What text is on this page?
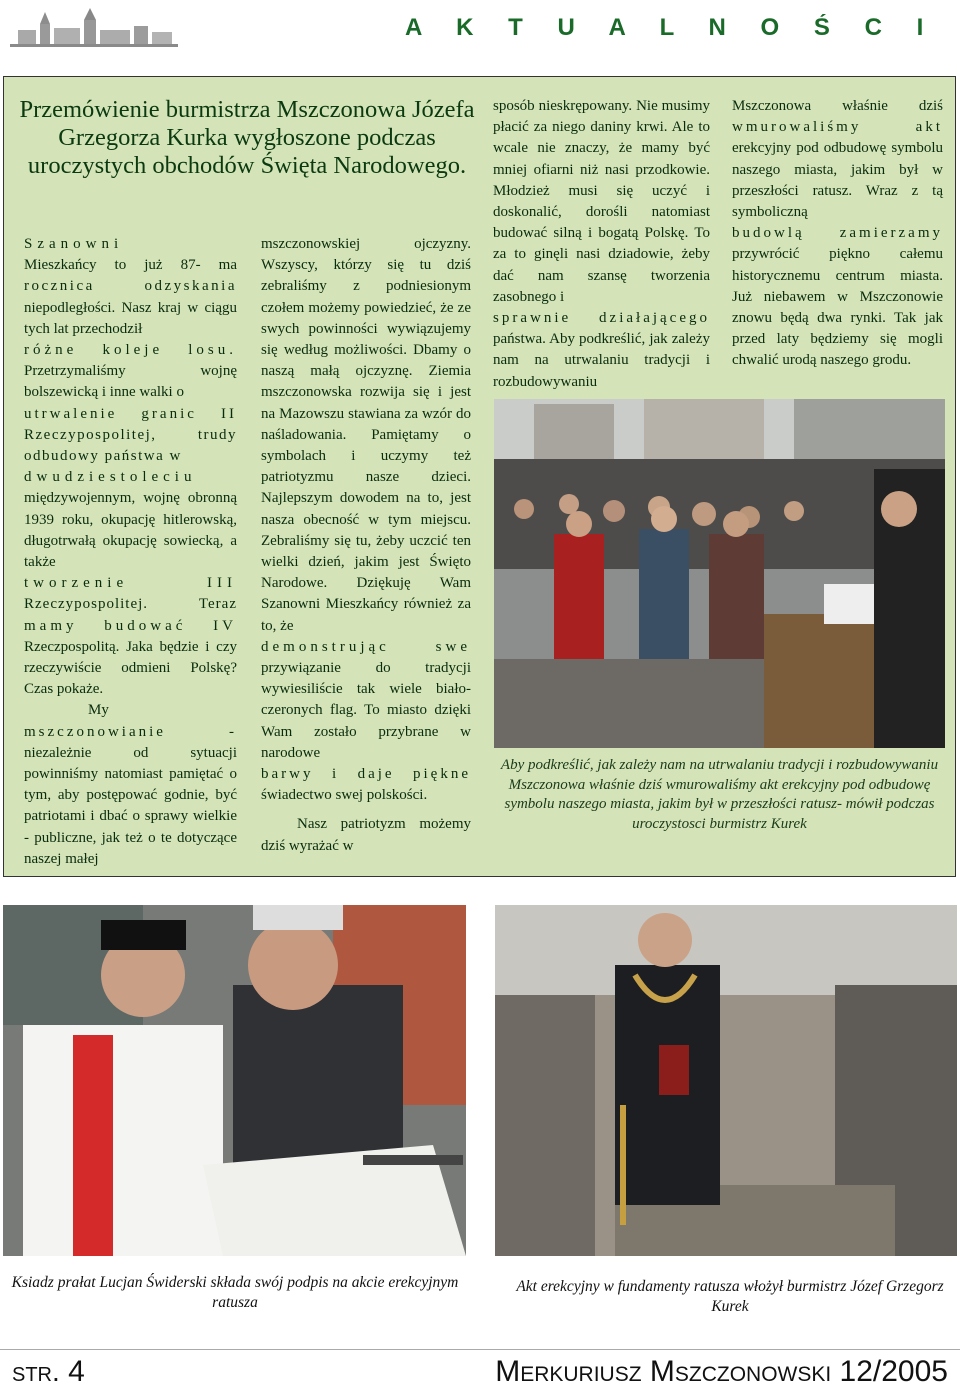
A K T U A L N O Ś C I
Przemówienie burmistrza Mszczonowa Józefa Grzegorza Kurka wygłoszone podczas uroczystych obchodów Święta Narodowego.

Szanowni

Mieszkańcy to już 87- ma

rocznica odzyskania

niepodległości. Nasz kraj w ciągu tych lat przechodził

różne koleje losu.

Przetrzymaliśmy wojnę bolszewicką i inne walki o

utrwalenie granic II

Rzeczypospolitej, trudy odbudowy państwa w

dwudziestoleciu

międzywojennym, wojnę obronną 1939 roku, okupację hitlerowską, długotrwałą okupację sowiecką, a także

tworzenie III

Rzeczypospolitej. Teraz

mamy budować IV

Rzeczpospolitą. Jaka będzie i czy rzeczywiście odmieni Polskę? Czas pokaże.

My

mszczonowianie -

niezależnie od sytuacji powinniśmy natomiast pamiętać o tym, aby postępować godnie, być patriotami i dbać o sprawy wielkie - publiczne, jak też o te dotyczące naszej małej

mszczonowskiej ojczyzny. Wszyscy, którzy się tu dziś zebraliśmy z podniesionym czołem możemy powiedzieć, że ze swych powinności wywiązujemy się według możliwości. Dbamy o naszą małą ojczyznę. Ziemia mszczonowska rozwija się i jest na Mazowszu stawiana za wzór do naśladowania. Pamiętamy o symbolach i uczymy też patriotyzmu nasze dzieci. Najlepszym dowodem na to, jest nasza obecność w tym miejscu. Zebraliśmy się tu, żeby uczcić ten wielki dzień, jakim jest Święto Narodowe. Dziękuję Wam Szanowni Mieszkańcy również za to, że

demonstrując swe

przywiązanie do tradycji wywiesiliście tak wiele biało-czeronych flag. To miasto dzięki Wam zostało przybrane w narodowe

barwy i daje piękne

świadectwo swej polskości.

Nasz patriotyzm możemy dziś wyrażać w

sposób nieskrępowany. Nie musimy płacić za niego daniny krwi. Ale to wcale nie znaczy, że mamy być mniej ofiarni niż nasi przodkowie. Młodzież musi się uczyć i doskonalić, dorośli natomiast budować silną i bogatą Polskę. To za to ginęli nasi dziadowie, żeby dać nam szansę tworzenia zasobnego i

sprawnie działającego

państwa. Aby podkreślić, jak zależy nam na utrwalaniu tradycji i rozbudowywaniu

Mszczonowa właśnie dziś

wmurowaliśmy akt

erekcyjny pod odbudowę symbolu naszego miasta, jakim był w przeszłości ratusz. Wraz z tą symboliczną

budowlą zamierzamy

przywrócić piękno całemu historycznemu centrum miasta. Już niebawem w Mszczonowie znowu będą dwa rynki. Tak jak przed laty będziemy się mogli chwalić urodą naszego grodu.

Aby podkreślić, jak zależy nam na utrwalaniu tradycji i rozbudowywaniu Mszczonowa właśnie dziś wmurowaliśmy akt erekcyjny pod odbudowę symbolu naszego miasta, jakim był w przeszłości ratusz- mówił podczas uroczystosci burmistrz Kurek
Ksiadz prałat Lucjan Świderski składa swój podpis na akcie erekcyjnym ratusza
Akt erekcyjny w fundamenty ratusza włożył burmistrz Józef Grzegorz Kurek
str. 4	Merkuriusz Mszczonowski 12/2005
